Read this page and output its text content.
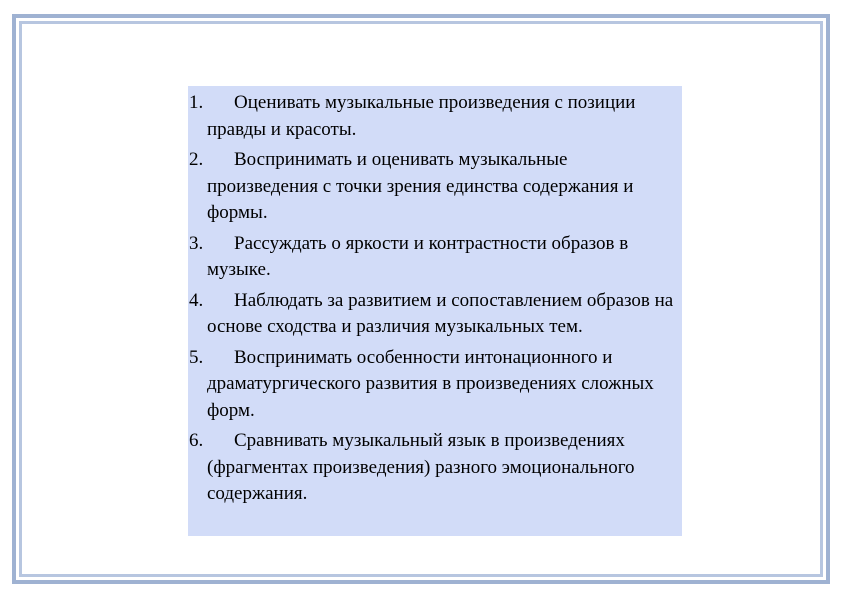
1.	Оценивать музыкальные произведения с позиции правды и красоты.
2.	Воспринимать и оценивать музыкальные произведения с точки зрения единства содержания и формы.
3.	Рассуждать о яркости и контрастности образов в музыке.
4.	Наблюдать за развитием и сопоставлением образов на основе сходства и различия музыкальных тем.
5.	Воспринимать особенности интонационного и драматургического развития в произведениях сложных форм.
6.	Сравнивать музыкальный язык в произведениях (фрагментах произведения) разного эмоционального содержания.
